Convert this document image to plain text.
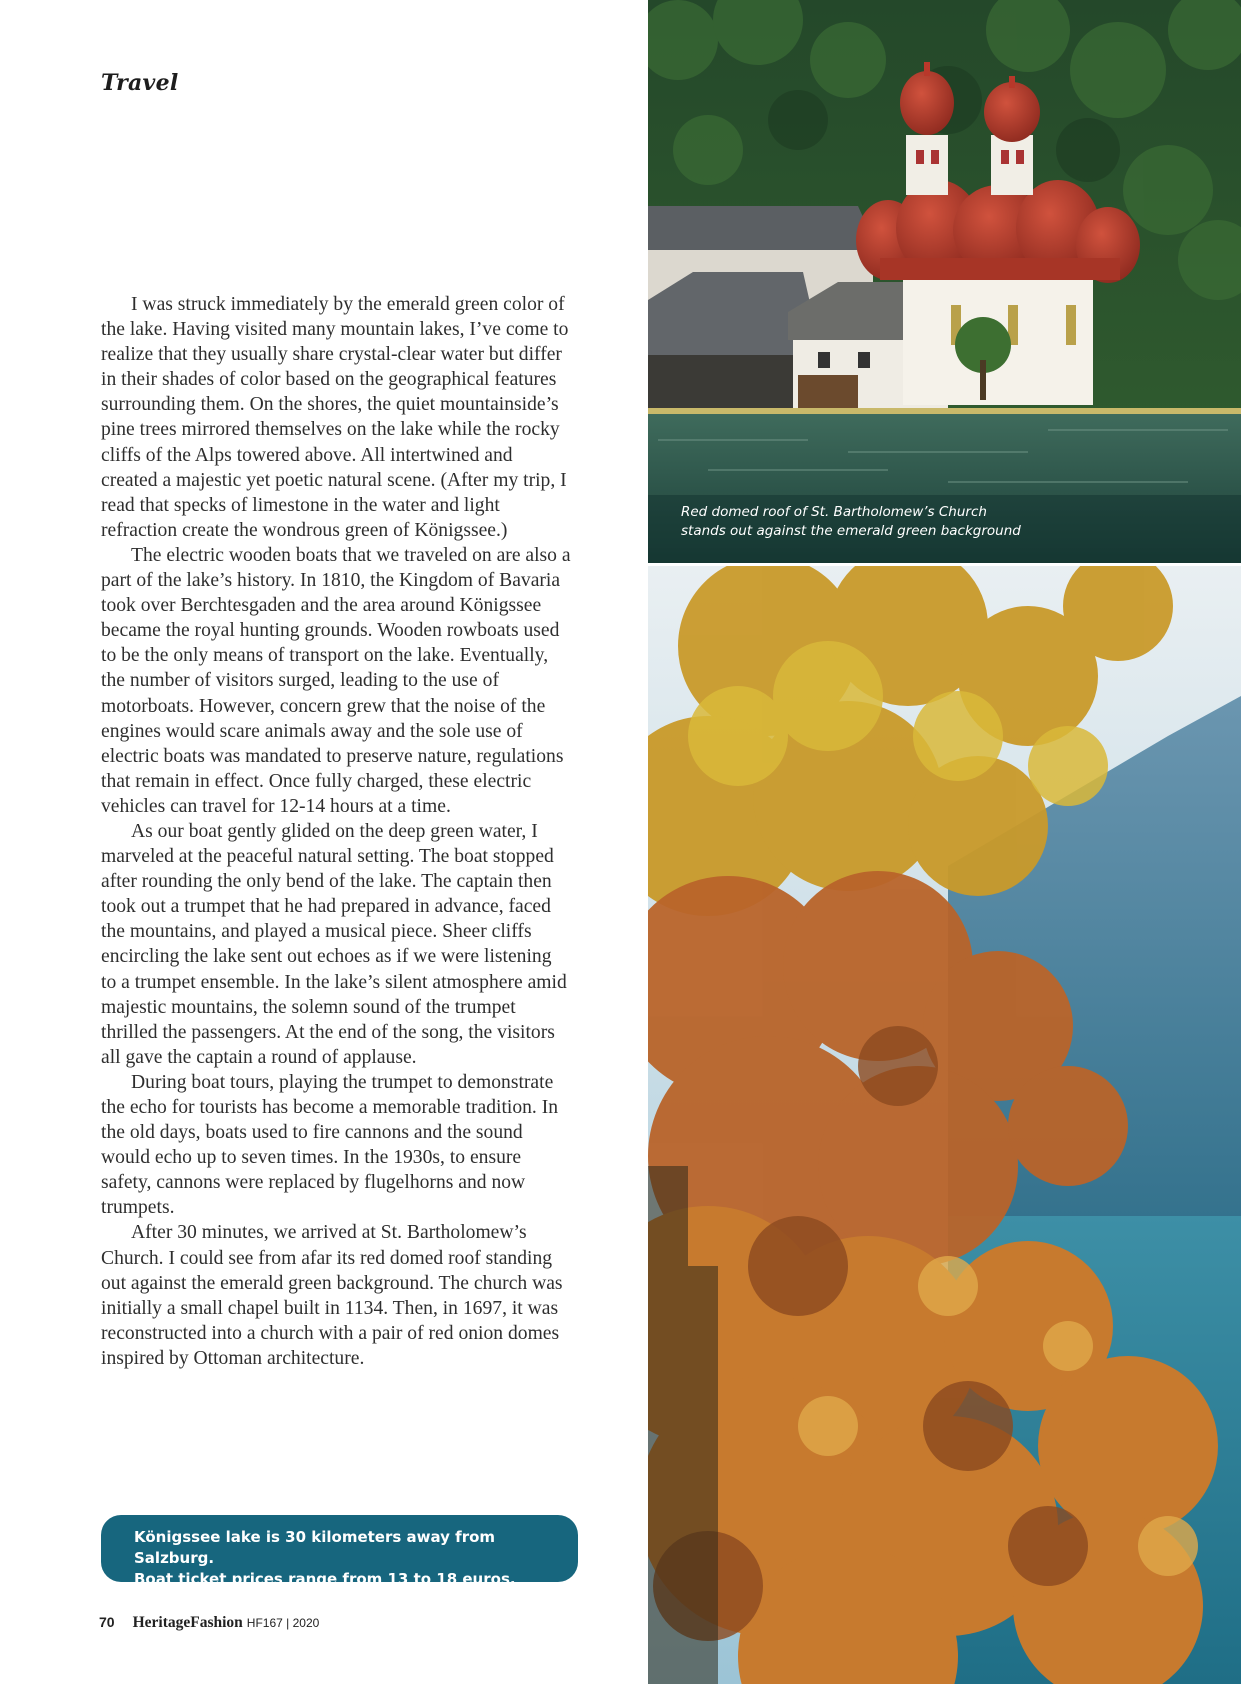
Travel

I was struck immediately by the emerald green color of the lake. Having visited many mountain lakes, I’ve come to realize that they usually share crystal-clear water but differ in their shades of color based on the geographical features surrounding them. On the shores, the quiet mountainside’s pine trees mirrored themselves on the lake while the rocky cliffs of the Alps towered above. All intertwined and created a majestic yet poetic natural scene. (After my trip, I read that specks of limestone in the water and light refraction create the wondrous green of Königssee.)

The electric wooden boats that we traveled on are also a part of the lake’s history. In 1810, the Kingdom of Bavaria took over Berchtesgaden and the area around Königssee became the royal hunting grounds. Wooden rowboats used to be the only means of transport on the lake. Eventually, the number of visitors surged, leading to the use of motorboats. However, concern grew that the noise of the engines would scare animals away and the sole use of electric boats was mandated to preserve nature, regulations that remain in effect. Once fully charged, these electric vehicles can travel for 12-14 hours at a time.

As our boat gently glided on the deep green water, I marveled at the peaceful natural setting. The boat stopped after rounding the only bend of the lake. The captain then took out a trumpet that he had prepared in advance, faced the mountains, and played a musical piece. Sheer cliffs encircling the lake sent out echoes as if we were listening to a trumpet ensemble. In the lake’s silent atmosphere amid majestic mountains, the solemn sound of the trumpet thrilled the passengers. At the end of the song, the visitors all gave the captain a round of applause.

During boat tours, playing the trumpet to demonstrate the echo for tourists has become a memorable tradition. In the old days, boats used to fire cannons and the sound would echo up to seven times. In the 1930s, to ensure safety, cannons were replaced by flugelhorns and now trumpets.

After 30 minutes, we arrived at St. Bartholomew’s Church. I could see from afar its red domed roof standing out against the emerald green background. The church was initially a small chapel built in 1134. Then, in 1697, it was reconstructed into a church with a pair of red onion domes inspired by Ottoman architecture.

Königssee lake is 30 kilometers away from Salzburg.
Boat ticket prices range from 13 to 18 euros.
70 HeritageFashion HF167 | 2020
Red domed roof of St. Bartholomew’s Church
stands out against the emerald green background
